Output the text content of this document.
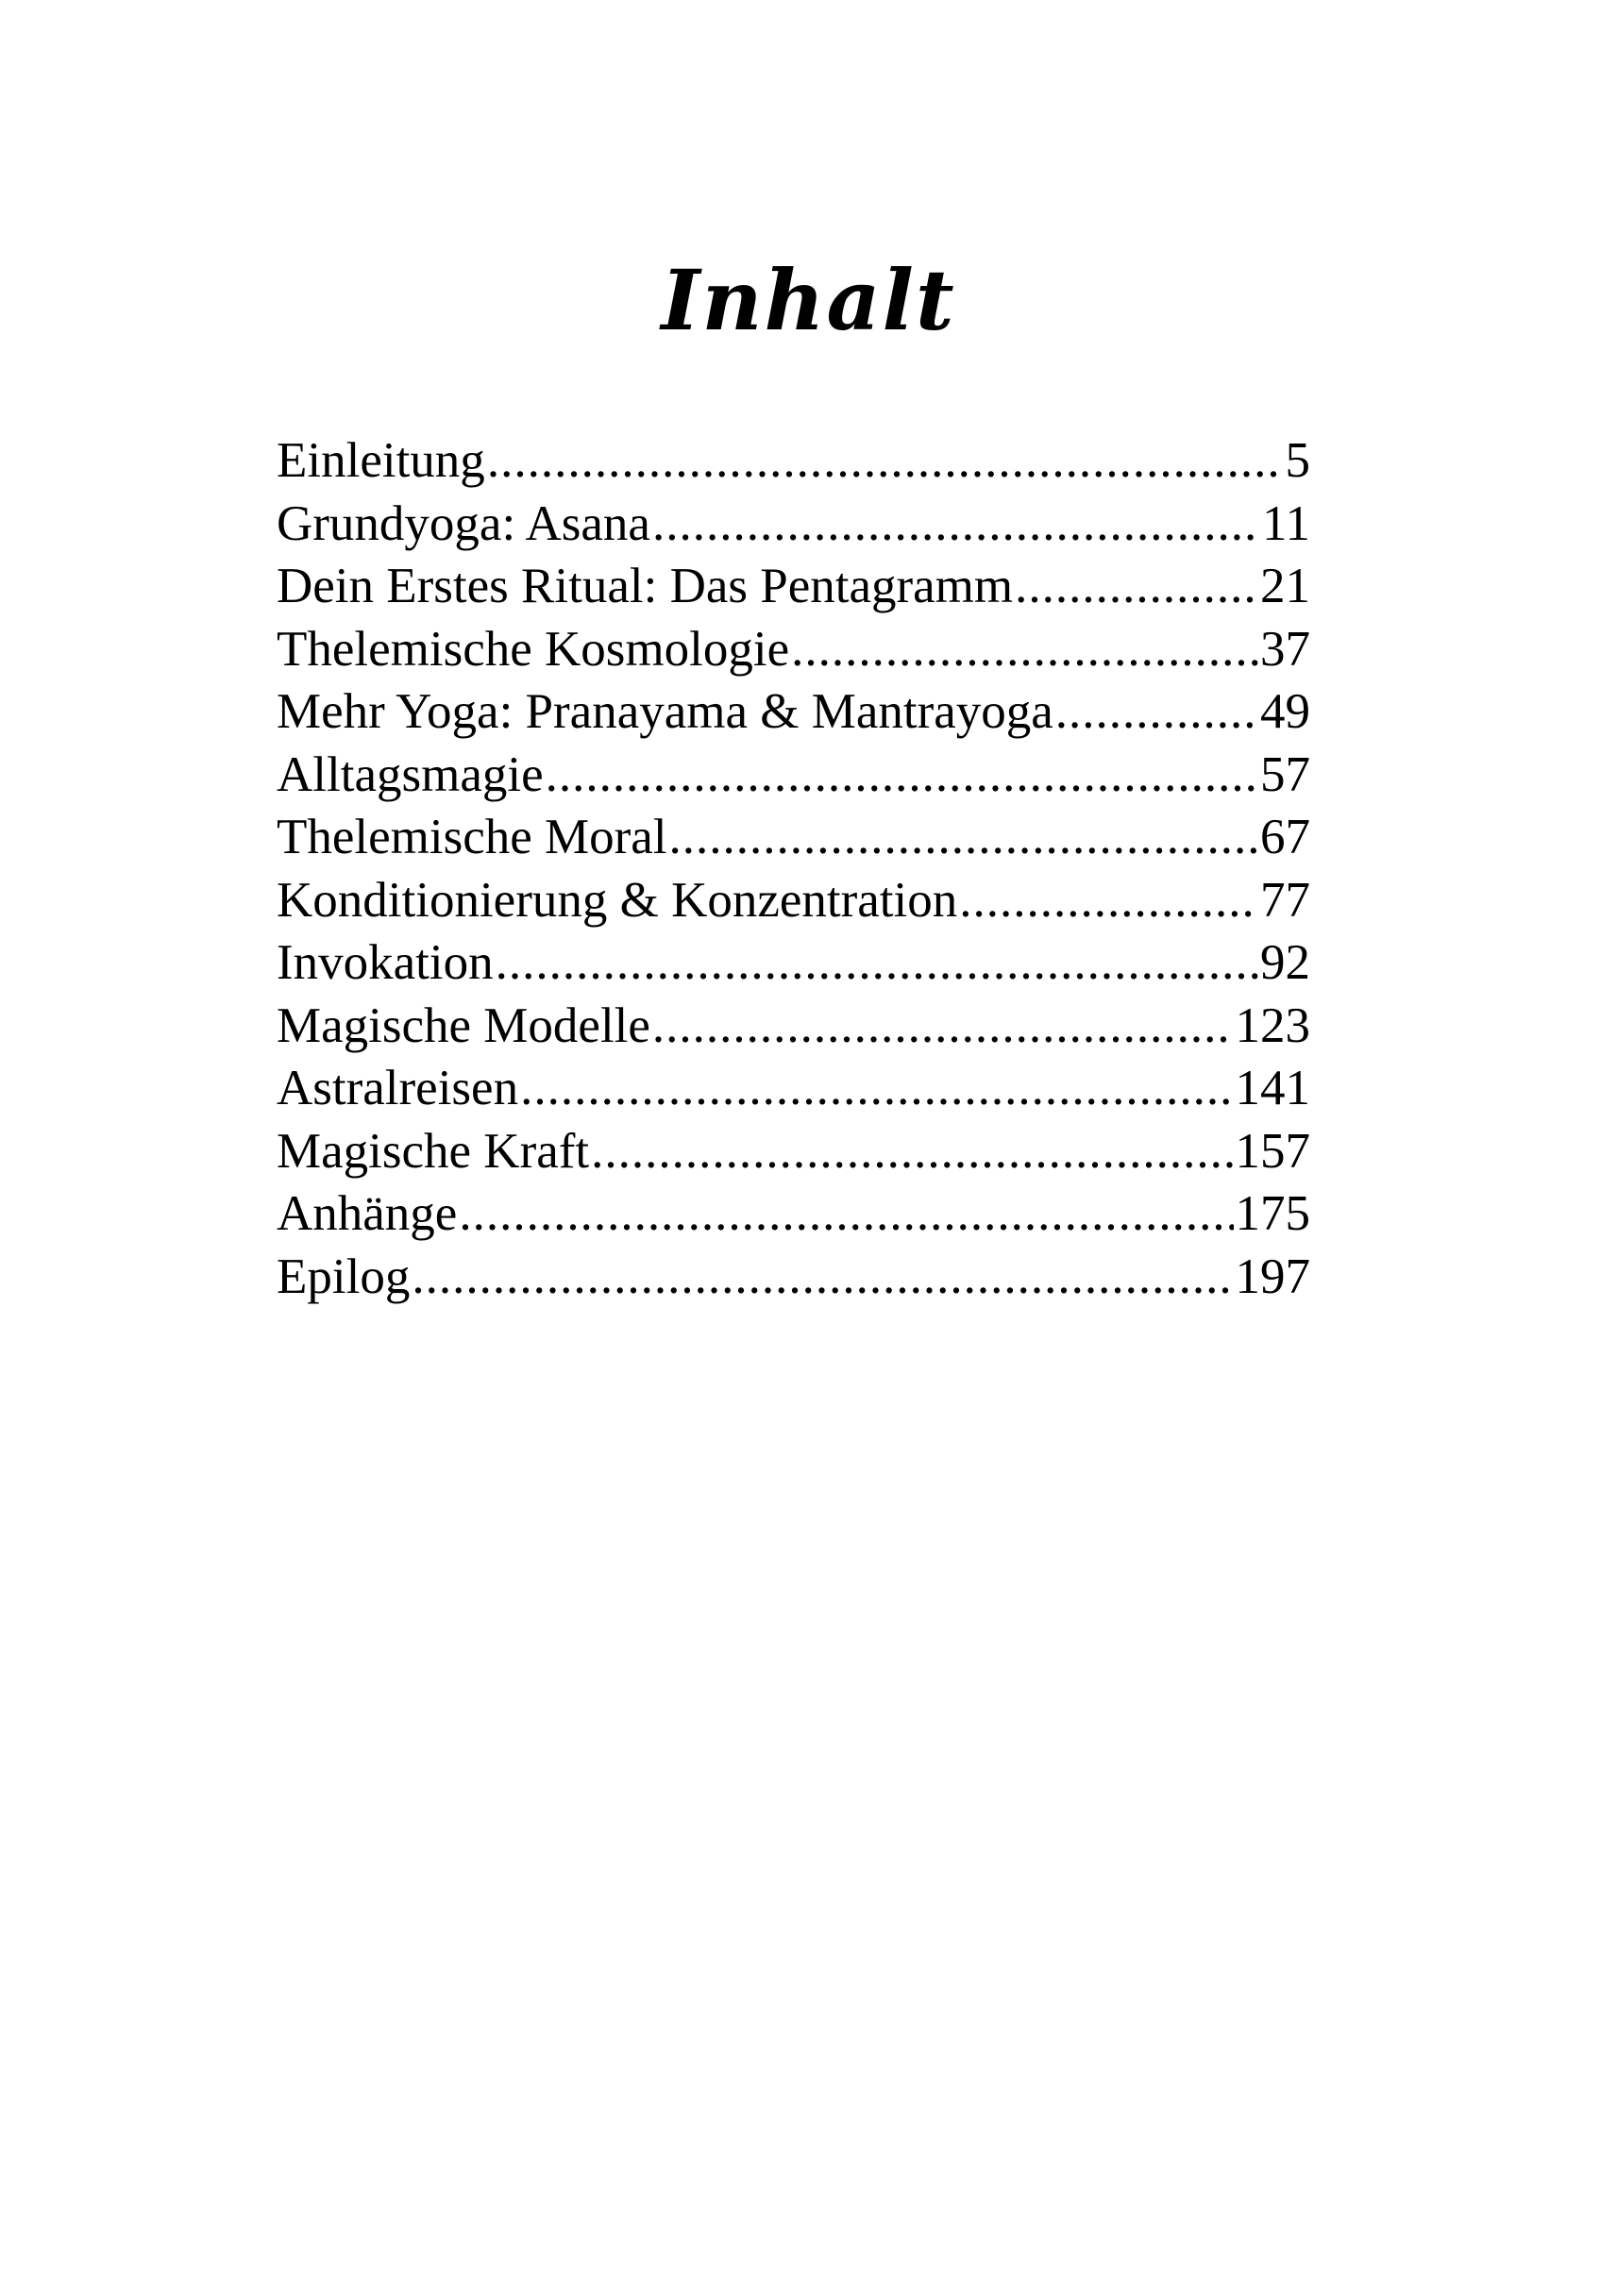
Inhalt
Einleitung .....	5
Grundyoga: Asana .....	11
Dein Erstes Ritual: Das Pentagramm .....	21
Thelemische Kosmologie .....	37
Mehr Yoga: Pranayama & Mantrayoga .....	49
Alltagsmagie .....	57
Thelemische Moral .....	67
Konditionierung & Konzentration .....	77
Invokation .....	92
Magische Modelle .....	123
Astralreisen .....	141
Magische Kraft .....	157
Anhänge .....	175
Epilog .....	197
